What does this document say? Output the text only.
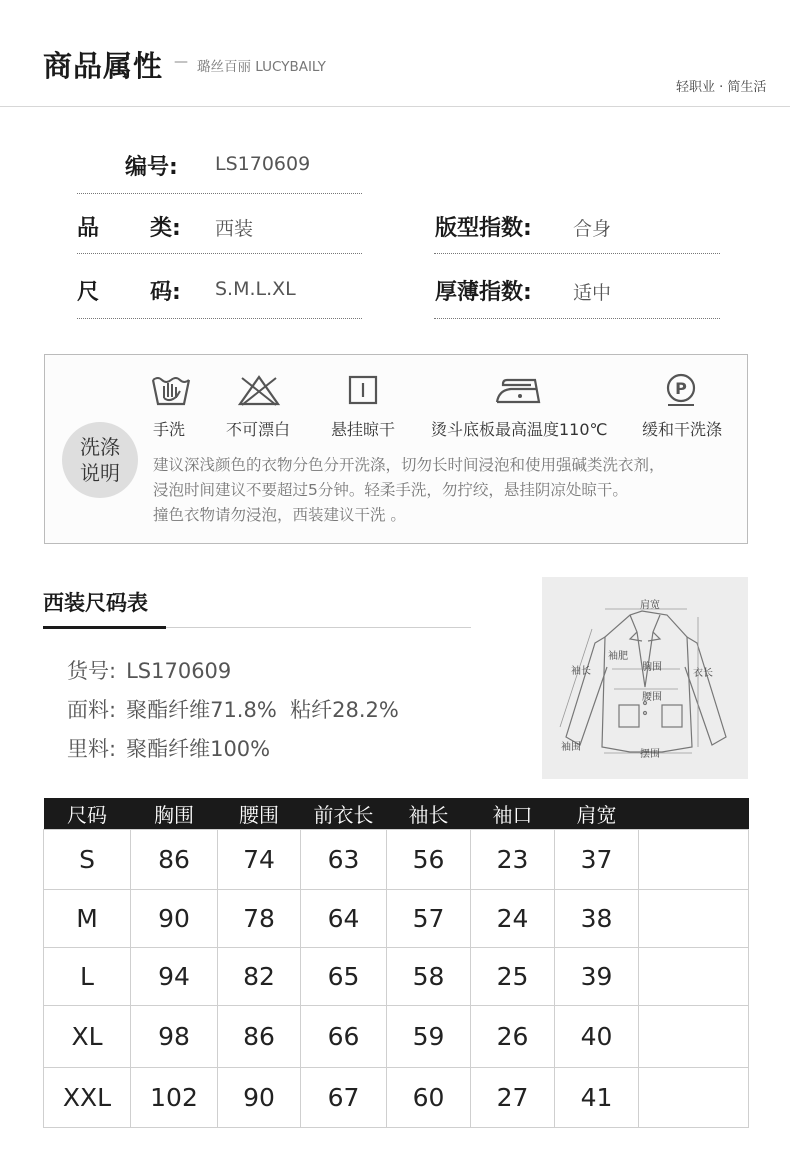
商品属性 — 璐丝百丽 LUCYBAILY
轻职业 · 简生活
编号: LS170609
品 类: 西装	版型指数: 合身
尺 码: S.M.L.XL	厚薄指数: 适中
洗涤
说明
P
手洗	不可漂白	悬挂晾干 烫斗底板最高温度110℃ 缓和干洗涤
建议深浅颜色的衣物分色分开洗涤，切勿长时间浸泡和使用强碱类洗衣剂，
浸泡时间建议不要超过5分钟。轻柔手洗，勿拧绞，悬挂阴凉处晾干。
撞色衣物请勿浸泡，西装建议干洗 。
西装尺码表
货号: LS170609
面料: 聚酯纤维71.8%  粘纤28.2%
里料: 聚酯纤维100%
肩宽
袖肥
胸围
袖长
腰围
衣长
袖围
摆围
尺码	胸围	腰围	前衣长	袖长	袖口	肩宽	
S	86	74	63	56	23	37	
M	90	78	64	57	24	38	
L	94	82	65	58	25	39	
XL	98	86	66	59	26	40	
XXL	102	90	67	60	27	41	
